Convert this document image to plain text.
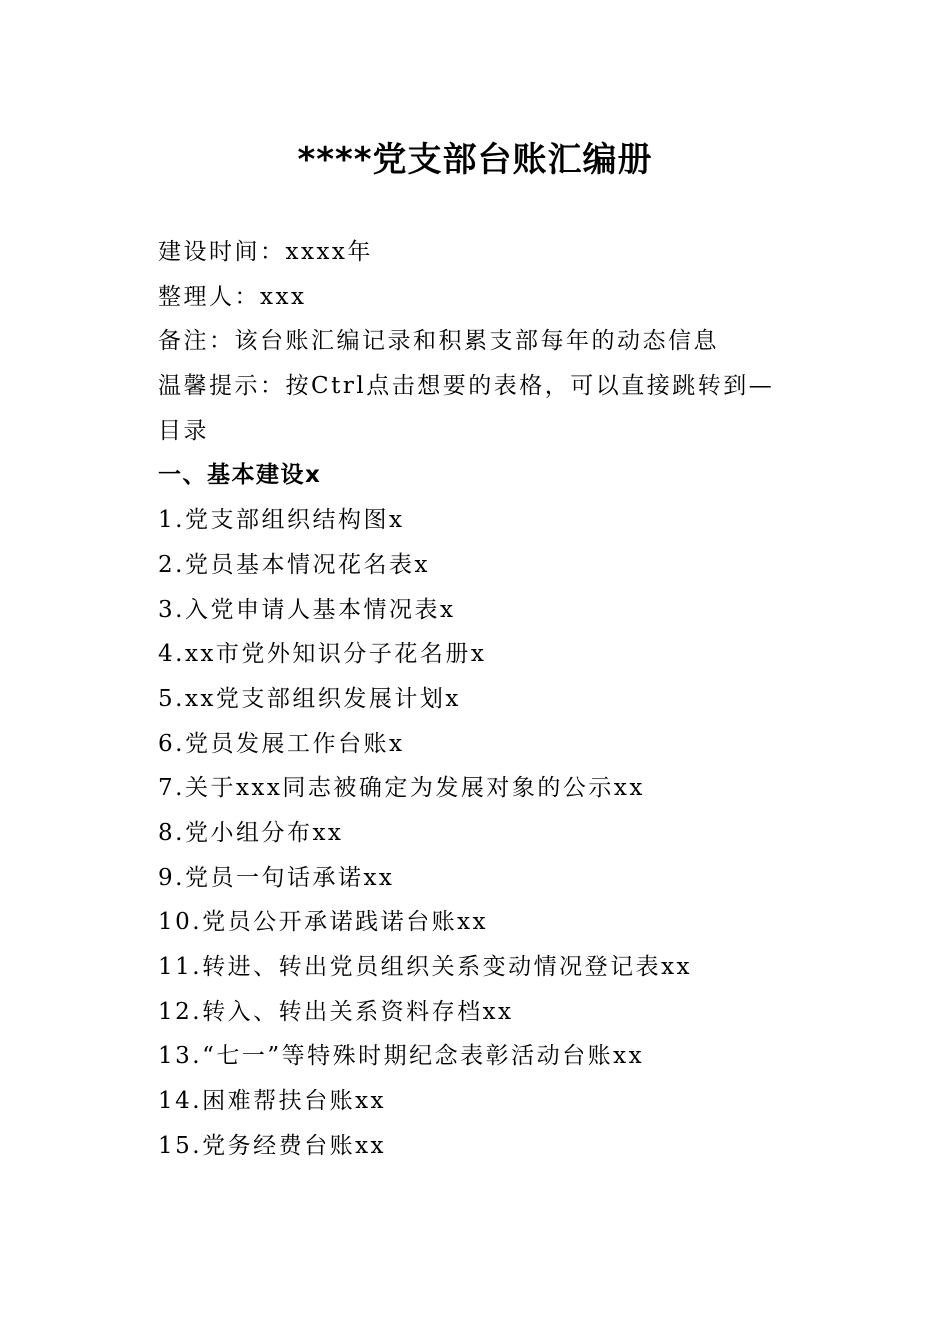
****党支部台账汇编册
建设时间：xxxx年
整理人：xxx
备注：该台账汇编记录和积累支部每年的动态信息
温馨提示：按Ctrl点击想要的表格，可以直接跳转到—
目录
一、基本建设x
1.党支部组织结构图x
2.党员基本情况花名表x
3.入党申请人基本情况表x
4.xx市党外知识分子花名册x
5.xx党支部组织发展计划x
6.党员发展工作台账x
7.关于xxx同志被确定为发展对象的公示xx
8.党小组分布xx
9.党员一句话承诺xx
10.党员公开承诺践诺台账xx
11.转进、转出党员组织关系变动情况登记表xx
12.转入、转出关系资料存档xx
13.“七一”等特殊时期纪念表彰活动台账xx
14.困难帮扶台账xx
15.党务经费台账xx
